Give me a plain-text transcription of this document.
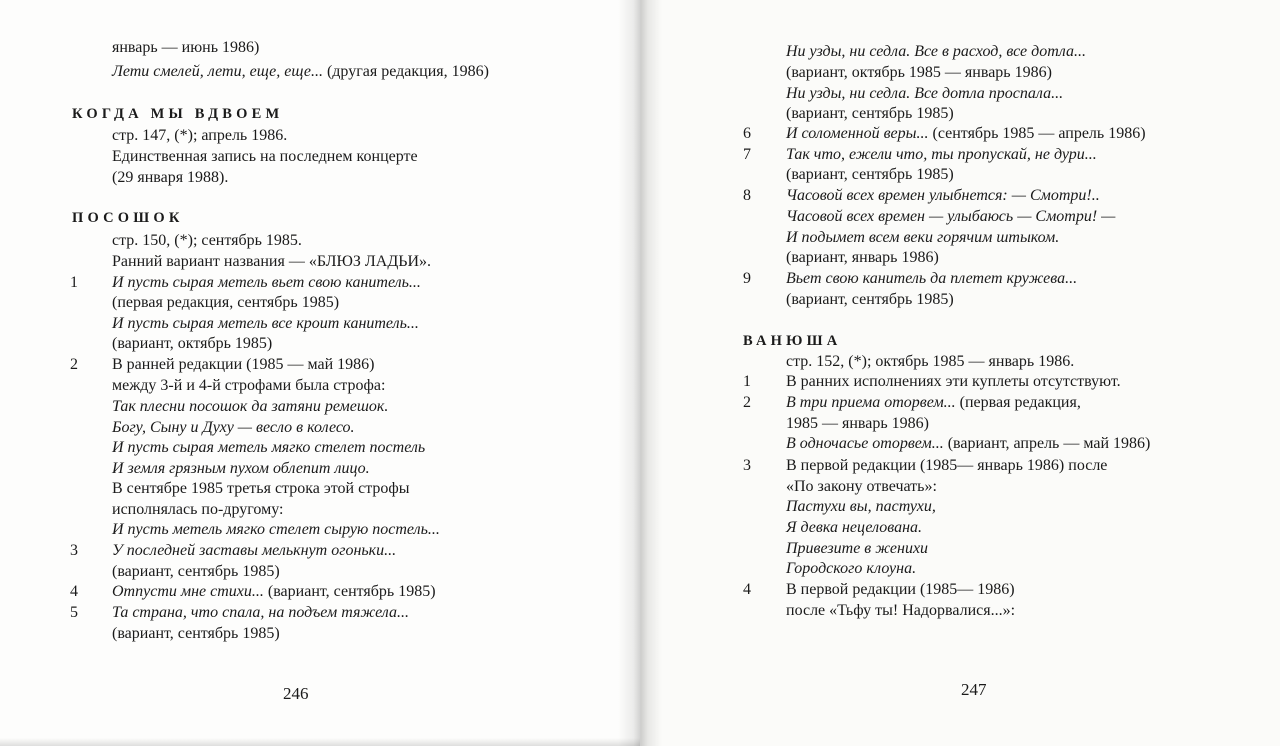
январь — июнь 1986)
Лети смелей, лети, еще, еще... (другая редакция, 1986)
КОГДА МЫ ВДВОЕМ
стр. 147, (*); апрель 1986.
Единственная запись на последнем концерте
(29 января 1988).
ПОСОШОК
стр. 150, (*); сентябрь 1985.
Ранний вариант названия — «БЛЮЗ ЛАДЬИ».
1 И пусть сырая метель вьет свою канитель...
(первая редакция, сентябрь 1985)
И пусть сырая метель все кроит канитель...
(вариант, октябрь 1985)
2 В ранней редакции (1985 — май 1986)
между 3-й и 4-й строфами была строфа:
Так плесни посошок да затяни ремешок.
Богу, Сыну и Духу — весло в колесо.
И пусть сырая метель мягко стелет постель
И земля грязным пухом облепит лицо.
В сентябре 1985 третья строка этой строфы
исполнялась по-другому:
И пусть метель мягко стелет сырую постель...
3 У последней заставы мелькнут огоньки...
(вариант, сентябрь 1985)
4 Отпусти мне стихи... (вариант, сентябрь 1985)
5 Та страна, что спала, на подъем тяжела...
(вариант, сентябрь 1985)
246
Ни узды, ни седла. Все в расход, все дотла...
(вариант, октябрь 1985 — январь 1986)
Ни узды, ни седла. Все дотла проспала...
(вариант, сентябрь 1985)
6 И соломенной веры... (сентябрь 1985 — апрель 1986)
7 Так что, ежели что, ты пропускай, не дури...
(вариант, сентябрь 1985)
8 Часовой всех времен улыбнется: — Смотри!..
Часовой всех времен — улыбаюсь — Смотри! —
И подымет всем веки горячим штыком.
(вариант, январь 1986)
9 Вьет свою канитель да плетет кружева...
(вариант, сентябрь 1985)
ВАНЮША
стр. 152, (*); октябрь 1985 — январь 1986.
1 В ранних исполнениях эти куплеты отсутствуют.
2 В три приема оторвем... (первая редакция,
1985 — январь 1986)
В одночасье оторвем... (вариант, апрель — май 1986)
3 В первой редакции (1985— январь 1986) после
«По закону отвечать»:
Пастухи вы, пастухи,
Я девка нецелована.
Привезите в женихи
Городского клоуна.
4 В первой редакции (1985— 1986)
после «Тьфу ты! Надорвалися...»:
247
